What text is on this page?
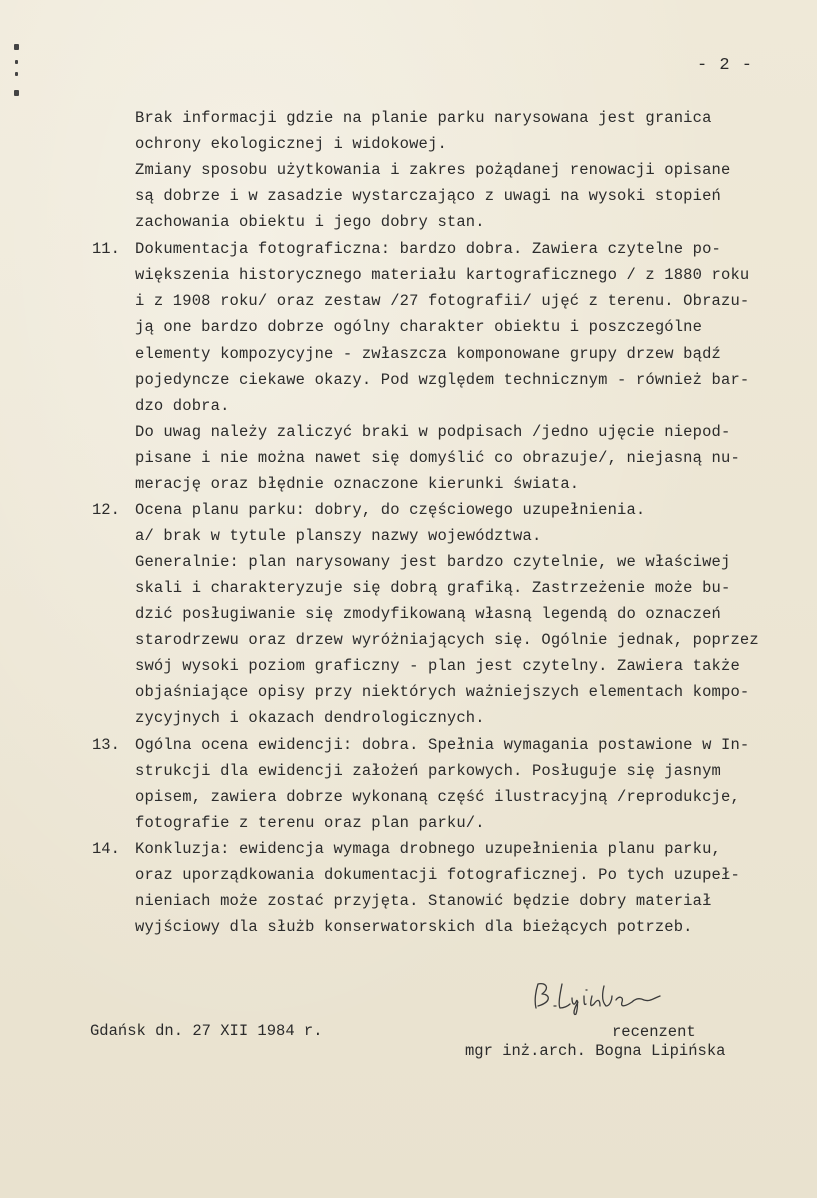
- 2 -
Brak informacji gdzie na planie parku narysowana jest granica
ochrony ekologicznej i widokowej.
Zmiany sposobu użytkowania i zakres pożądanej renowacji opisane
są dobrze i w zasadzie wystarczająco z uwagi na wysoki stopień
zachowania obiektu i jego dobry stan.
11. Dokumentacja fotograficzna: bardzo dobra. Zawiera czytelne po-
większenia historycznego materiału kartograficznego / z 1880 roku
i z 1908 roku/ oraz zestaw /27 fotografii/ ujęć z terenu. Obrazu-
ją one bardzo dobrze ogólny charakter obiektu i poszczególne
elementy kompozycyjne - zwłaszcza komponowane grupy drzew bądź
pojedyncze ciekawe okazy. Pod względem technicznym - również bar-
dzo dobra.
Do uwag należy zaliczyć braki w podpisach /jedno ujęcie niepod-
pisane i nie można nawet się domyślić co obrazuje/, niejasną nu-
merację oraz błędnie oznaczone kierunki świata.
12. Ocena planu parku: dobry, do częściowego uzupełnienia.
a/ brak w tytule planszy nazwy województwa.
Generalnie: plan narysowany jest bardzo czytelnie, we właściwej
skali i charakteryzuje się dobrą grafiką. Zastrzeżenie może bu-
dzić posługiwanie się zmodyfikowaną własną legendą do oznaczeń
starodrzewu oraz drzew wyróżniających się. Ogólnie jednak, poprzez
swój wysoki poziom graficzny - plan jest czytelny. Zawiera także
objaśniające opisy przy niektórych ważniejszych elementach kompo-
zycyjnych i okazach dendrologicznych.
13. Ogólna ocena ewidencji: dobra. Spełnia wymagania postawione w In-
strukcji dla ewidencji założeń parkowych. Posługuje się jasnym
opisem, zawiera dobrze wykonaną część ilustracyjną /reprodukcje,
fotografie z terenu oraz plan parku/.
14. Konkluzja: ewidencja wymaga drobnego uzupełnienia planu parku,
oraz uporządkowania dokumentacji fotograficznej. Po tych uzupeł-
nieniach może zostać przyjęta. Stanowić będzie dobry materiał
wyjściowy dla służb konserwatorskich dla bieżących potrzeb.
Gdańsk dn. 27 XII 1984 r.	recenzent
mgr inż.arch. Bogna Lipińska
